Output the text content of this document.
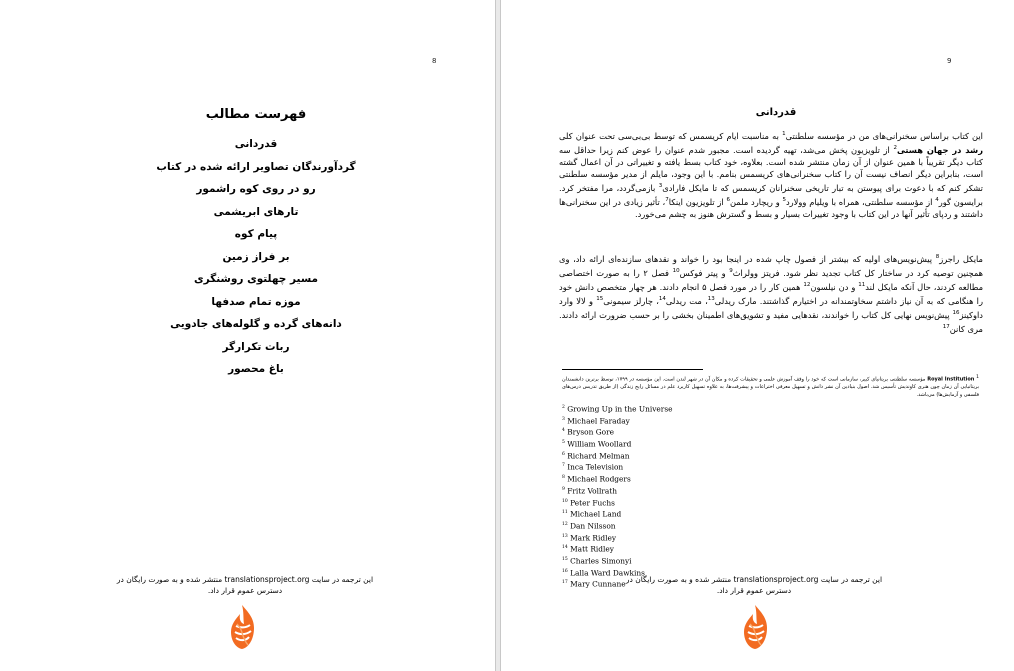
8
فهرست مطالب
قدردانی
گردآورندگان تصاویر ارائه شده در کتاب
رو در روی کوه راشمور
تارهای ابریشمی
پیام کوه
بر فراز زمین
مسیر چهلتوی روشنگری
موزه تمام صدفها
دانه‌های گرده و گلوله‌های جادویی
ربات تکرارگر
باغ محصور
این ترجمه در سایت translationsproject.org منتشر شده و به صورت رایگان در
دسترس عموم قرار داد.
9
قدردانی

این کتاب براساس سخنرانی‌های من در مؤسسه سلطنتی$^1$ به مناسبت ایام کریسمس که توسط بی‌بی‌سی تحت عنوان کلی رشد در جهان هستی$^2$ از تلویزیون پخش می‌شد، تهیه گردیده است. مجبور شدم عنوان را عوض کنم زیرا حداقل سه کتاب دیگر تقریباً با همین عنوان از آن زمان منتشر شده است. بعلاوه، خود کتاب بسط یافته و تغییراتی در آن اعمال گشته است، بنابراین دیگر انصاف نیست آن را کتاب سخنرانی‌های کریسمس بنامم. با این وجود، مایلم از مدیر مؤسسه سلطنتی تشکر کنم که با دعوت برای پیوستن به تبار تاریخی سخنرانان کریسمس که تا مایکل فارادی$^3$ بازمی‌گردد، مرا مفتخر کرد. برایسون گور$^4$ از مؤسسه سلطنتی، همراه با ویلیام وولارد$^5$ و ریچارد ملمن$^6$ از تلویزیون اینکا$^7$، تأثیر زیادی در این سخنرانی‌ها داشتند و ردپای تأثیر آنها در این کتاب با وجود تغییرات بسیار و بسط و گسترش هنوز به چشم می‌خورد.

مایکل راجرز$^8$ پیش‌نویس‌های اولیه که بیشتر از فصول چاپ شده در اینجا بود را خواند و نقدهای سازنده‌ای ارائه داد، وی همچنین توصیه کرد در ساختار کل کتاب تجدید نظر شود. فریتز وولراث$^9$ و پیتر فوکس$^{10}$ فصل ۲ را به صورت اختصاصی مطالعه کردند، حال آنکه مایکل لند$^{11}$ و دن نیلسون$^{12}$ همین کار را در مورد فصل ۵ انجام دادند. هر چهار متخصص دانش خود را هنگامی که به آن نیاز داشتم سخاوتمندانه در اختیارم گذاشتند. مارک ریدلی$^{13}$، مت ریدلی$^{14}$، چارلز سیمونی$^{15}$ و لالا وارد داوکینز$^{16}$ پیش‌نویس نهایی کل کتاب را خواندند، نقدهایی مفید و تشویق‌های اطمینان بخشی را بر حسب ضرورت ارائه دادند. مری کانن$^{17}$

$^1$ Royal Institution مؤسسه سلطنتی بریتانیای کبیر، سازمانی است که خود را وقف آموزش علمی و تحقیقات کرده و مکان آن در شهر لندن است. این مؤسسه در ۱۷۹۹، توسط برترین دانشمندان بریتانیایی آن زمان چون هنری کاوندیش تأسیس شد. اصول بنیادین آن نشر دانش و تسهیل معرفی اختراعات و پیشرفت‌ها، به علاوه تسهیل کاربرد علم در مسائل رایج زندگی (از طریق تدریس درس‌های فلسفی و آزمایش‌ها) می‌باشد.

$^2$ Growing Up in the Universe
$^3$ Michael Faraday
$^4$ Bryson Gore
$^5$ William Woollard
$^6$ Richard Melman
$^7$ Inca Television
$^8$ Michael Rodgers
$^9$ Fritz Vollrath
$^{10}$ Peter Fuchs
$^{11}$ Michael Land
$^{12}$ Dan Nilsson
$^{13}$ Mark Ridley
$^{14}$ Matt Ridley
$^{15}$ Charles Simonyi
$^{16}$ Lalla Ward Dawkins
$^{17}$ Mary Cunnane
این ترجمه در سایت translationsproject.org منتشر شده و به صورت رایگان در
دسترس عموم قرار داد.
